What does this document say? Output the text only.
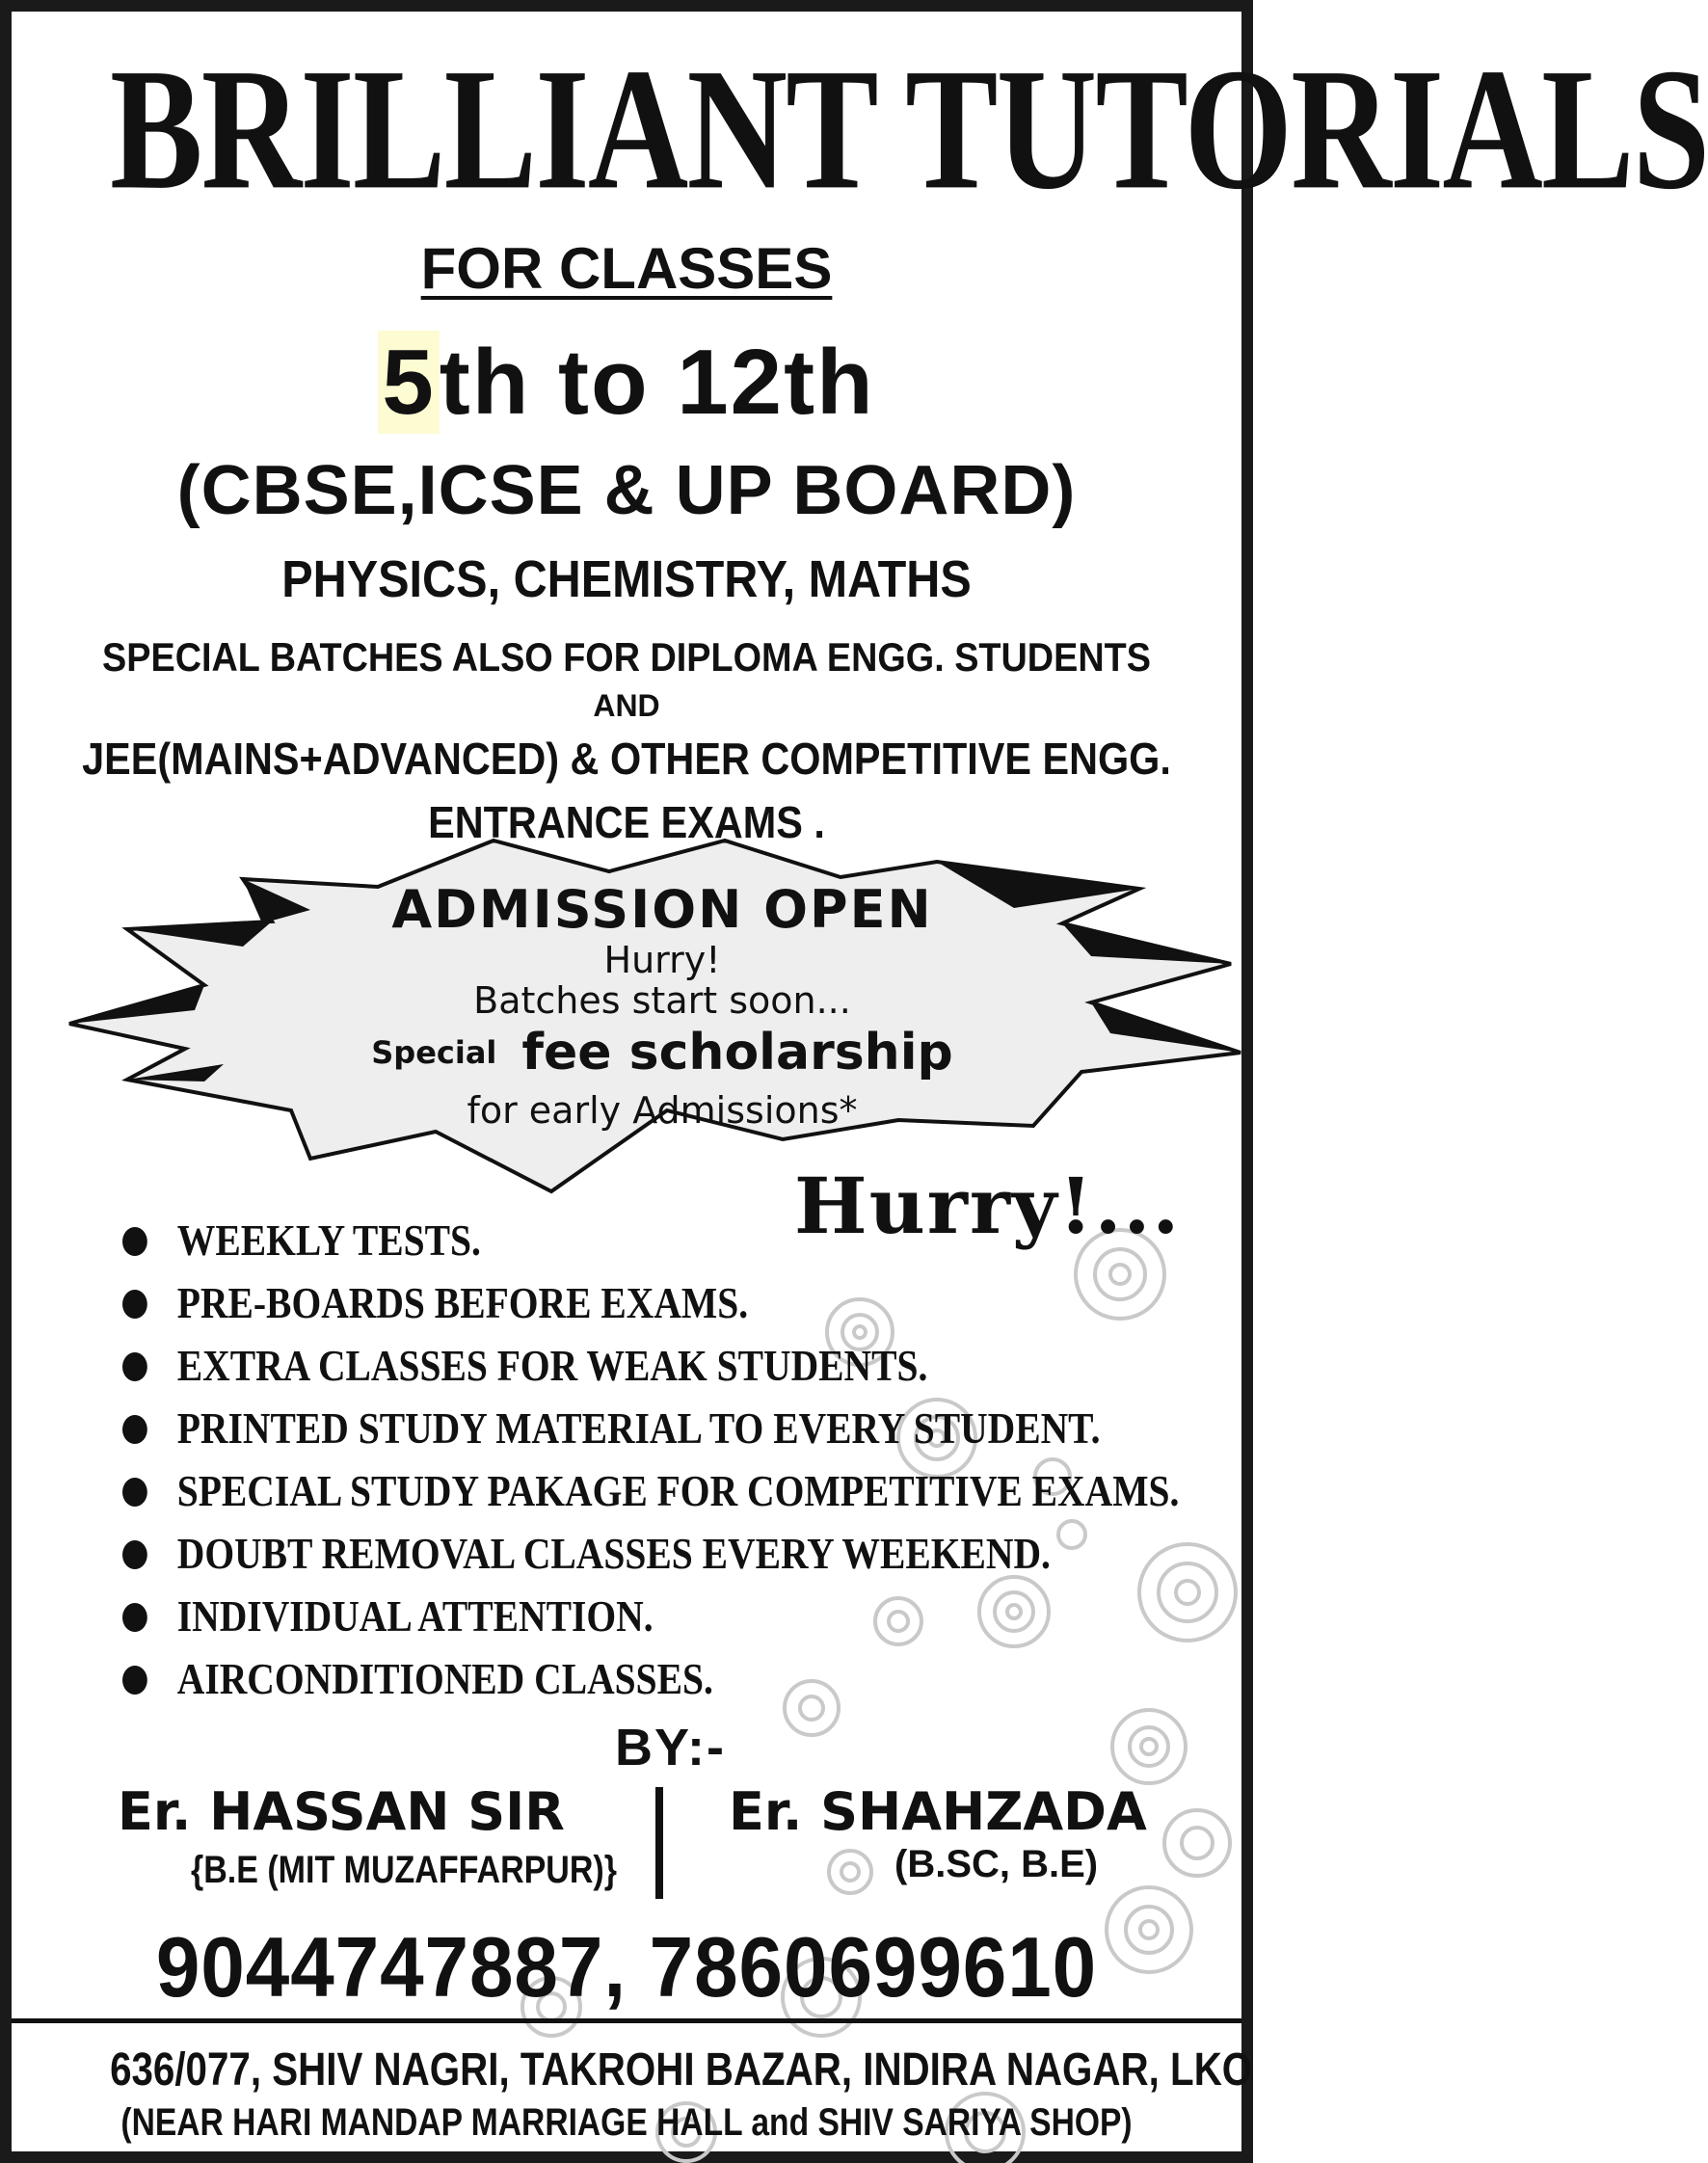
BRILLIANT TUTORIALS
FOR CLASSES
5th to 12th
(CBSE,ICSE & UP BOARD)
PHYSICS, CHEMISTRY, MATHS
SPECIAL BATCHES ALSO FOR DIPLOMA ENGG. STUDENTS
AND
JEE(MAINS+ADVANCED) & OTHER COMPETITIVE ENGG.
ENTRANCE EXAMS .
ADMISSION OPEN
Hurry!
Batches start soon...
Special fee scholarship
for early Admissions*
Hurry!...
WEEKLY TESTS.
PRE-BOARDS BEFORE EXAMS.
EXTRA CLASSES FOR WEAK STUDENTS.
PRINTED STUDY MATERIAL TO EVERY STUDENT.
SPECIAL STUDY PAKAGE FOR COMPETITIVE EXAMS.
DOUBT REMOVAL CLASSES EVERY WEEKEND.
INDIVIDUAL ATTENTION.
AIRCONDITIONED CLASSES.
BY:-
Er. HASSAN SIR
{B.E (MIT MUZAFFARPUR)}
Er. SHAHZADA
(B.SC, B.E)
9044747887, 7860699610
636/077, SHIV NAGRI, TAKROHI BAZAR, INDIRA NAGAR, LKO
(NEAR HARI MANDAP MARRIAGE HALL and SHIV SARIYA SHOP)
